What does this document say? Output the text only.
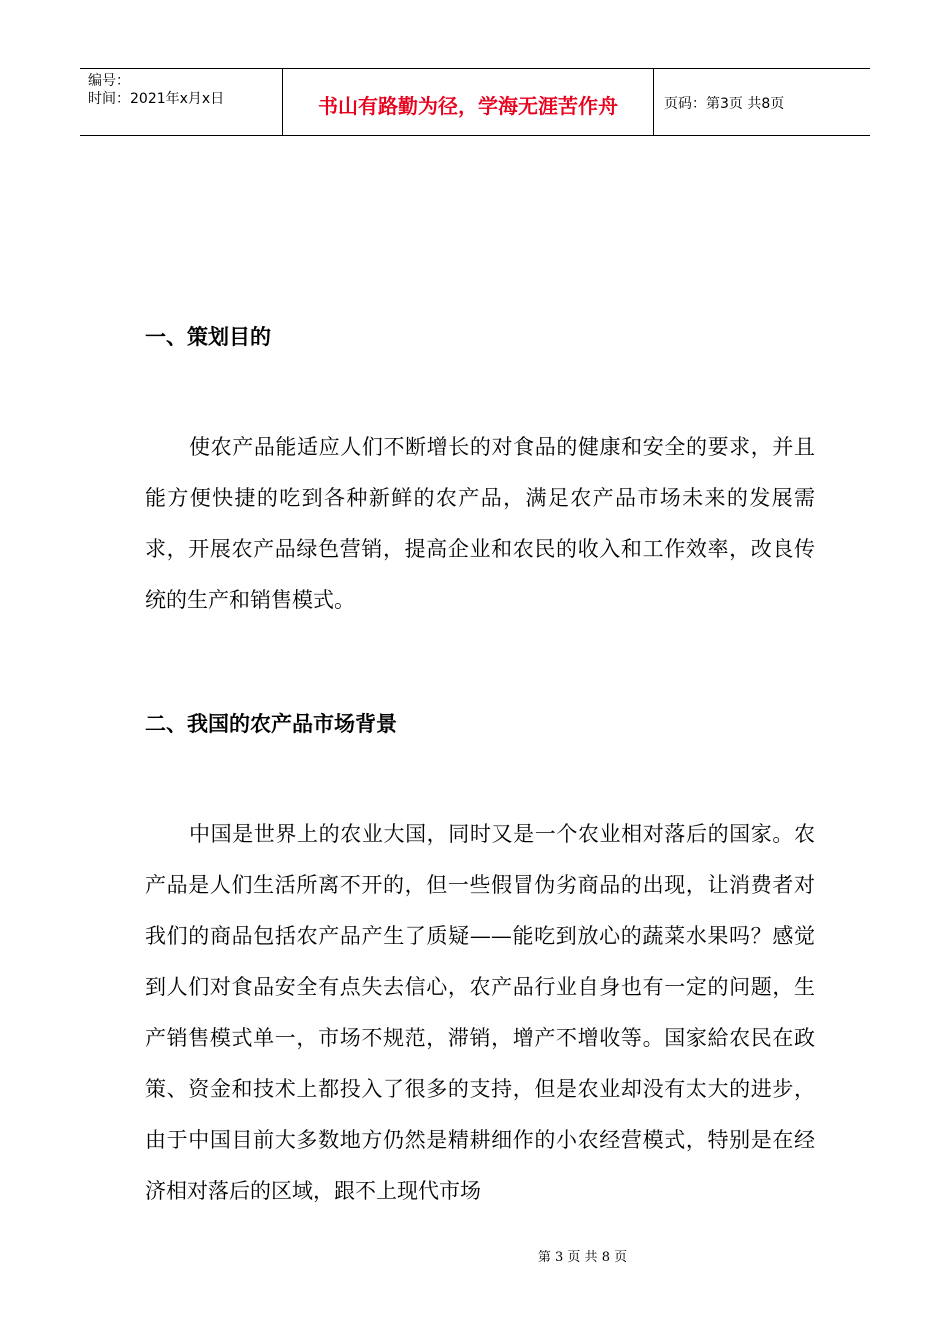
编号：
时间：2021年x月x日	书山有路勤为径，学海无涯苦作舟	页码：第3页 共8页
一、策划目的

使农产品能适应人们不断增长的对食品的健康和安全的要求，并且能方便快捷的吃到各种新鲜的农产品，满足农产品市场未来的发展需求，开展农产品绿色营销，提高企业和农民的收入和工作效率，改良传统的生产和销售模式。

二、我国的农产品市场背景

中国是世界上的农业大国，同时又是一个农业相对落后的国家。农产品是人们生活所离不开的，但一些假冒伪劣商品的出现，让消费者对我们的商品包括农产品产生了质疑——能吃到放心的蔬菜水果吗？感觉到人们对食品安全有点失去信心，农产品行业自身也有一定的问题，生产销售模式单一，市场不规范，滞销，增产不增收等。国家給农民在政策、资金和技术上都投入了很多的支持，但是农业却没有太大的进步，由于中国目前大多数地方仍然是精耕细作的小农经营模式，特别是在经济相对落后的区域，跟不上现代市场

第 3 页 共 8 页
